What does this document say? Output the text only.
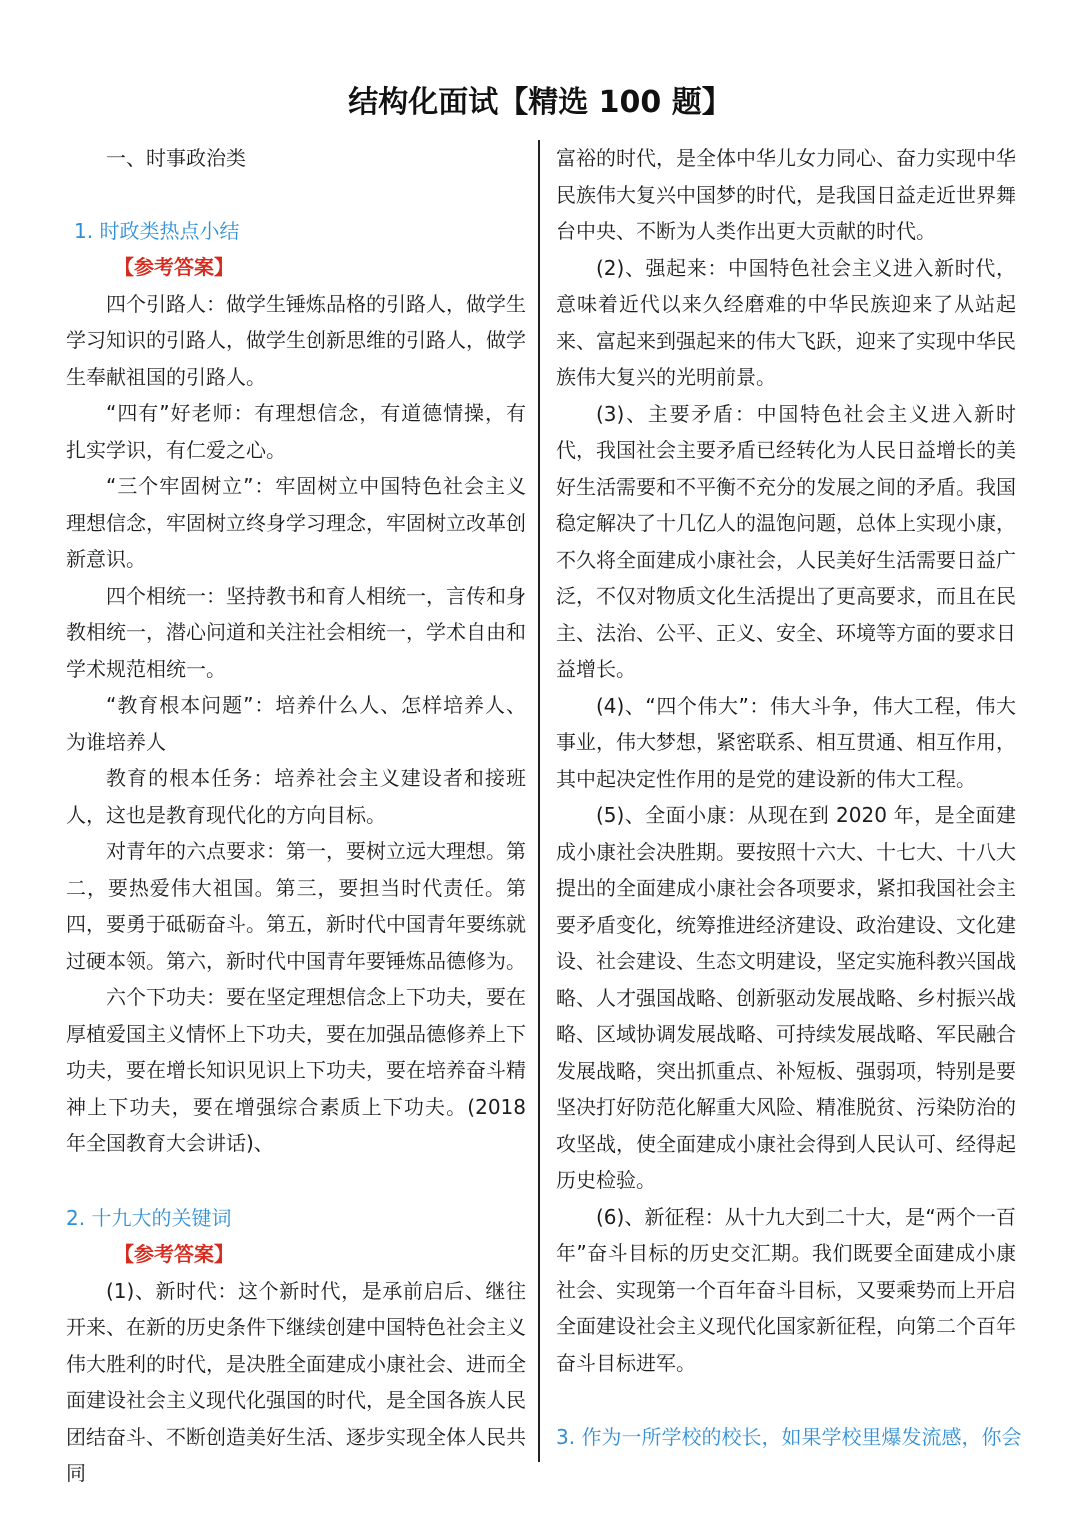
结构化面试【精选 100 题】

一、时事政治类

1. 时政类热点小结

【参考答案】

四个引路人：做学生锤炼品格的引路人，做学生学习知识的引路人，做学生创新思维的引路人，做学生奉献祖国的引路人。

“四有”好老师：有理想信念，有道德情操，有扎实学识，有仁爱之心。

“三个牢固树立”：牢固树立中国特色社会主义理想信念，牢固树立终身学习理念，牢固树立改革创新意识。

四个相统一：坚持教书和育人相统一，言传和身教相统一，潜心问道和关注社会相统一，学术自由和学术规范相统一。

“教育根本问题”：培养什么人、怎样培养人、为谁培养人

教育的根本任务：培养社会主义建设者和接班人，这也是教育现代化的方向目标。

对青年的六点要求：第一，要树立远大理想。第二，要热爱伟大祖国。第三，要担当时代责任。第四，要勇于砥砺奋斗。第五，新时代中国青年要练就过硬本领。第六，新时代中国青年要锤炼品德修为。

六个下功夫：要在坚定理想信念上下功夫，要在厚植爱国主义情怀上下功夫，要在加强品德修养上下功夫，要在增长知识见识上下功夫，要在培养奋斗精神上下功夫，要在增强综合素质上下功夫。(2018 年全国教育大会讲话)、

2. 十九大的关键词

【参考答案】

(1)、新时代：这个新时代，是承前启后、继往开来、在新的历史条件下继续创建中国特色社会主义伟大胜利的时代，是决胜全面建成小康社会、进而全面建设社会主义现代化强国的时代，是全国各族人民团结奋斗、不断创造美好生活、逐步实现全体人民共同

富裕的时代，是全体中华儿女力同心、奋力实现中华民族伟大复兴中国梦的时代，是我国日益走近世界舞台中央、不断为人类作出更大贡献的时代。

(2)、强起来：中国特色社会主义进入新时代，意味着近代以来久经磨难的中华民族迎来了从站起来、富起来到强起来的伟大飞跃，迎来了实现中华民族伟大复兴的光明前景。

(3)、主要矛盾：中国特色社会主义进入新时代，我国社会主要矛盾已经转化为人民日益增长的美好生活需要和不平衡不充分的发展之间的矛盾。我国稳定解决了十几亿人的温饱问题，总体上实现小康，不久将全面建成小康社会，人民美好生活需要日益广泛，不仅对物质文化生活提出了更高要求，而且在民主、法治、公平、正义、安全、环境等方面的要求日益增长。

(4)、“四个伟大”：伟大斗争，伟大工程，伟大事业，伟大梦想，紧密联系、相互贯通、相互作用，其中起决定性作用的是党的建设新的伟大工程。

(5)、全面小康：从现在到 2020 年，是全面建成小康社会决胜期。要按照十六大、十七大、十八大提出的全面建成小康社会各项要求，紧扣我国社会主要矛盾变化，统筹推进经济建设、政治建设、文化建设、社会建设、生态文明建设，坚定实施科教兴国战略、人才强国战略、创新驱动发展战略、乡村振兴战略、区域协调发展战略、可持续发展战略、军民融合发展战略，突出抓重点、补短板、强弱项，特别是要坚决打好防范化解重大风险、精准脱贫、污染防治的攻坚战，使全面建成小康社会得到人民认可、经得起历史检验。

(6)、新征程：从十九大到二十大，是“两个一百年”奋斗目标的历史交汇期。我们既要全面建成小康社会、实现第一个百年奋斗目标，又要乘势而上开启全面建设社会主义现代化国家新征程，向第二个百年奋斗目标进军。

3. 作为一所学校的校长，如果学校里爆发流感，你会
